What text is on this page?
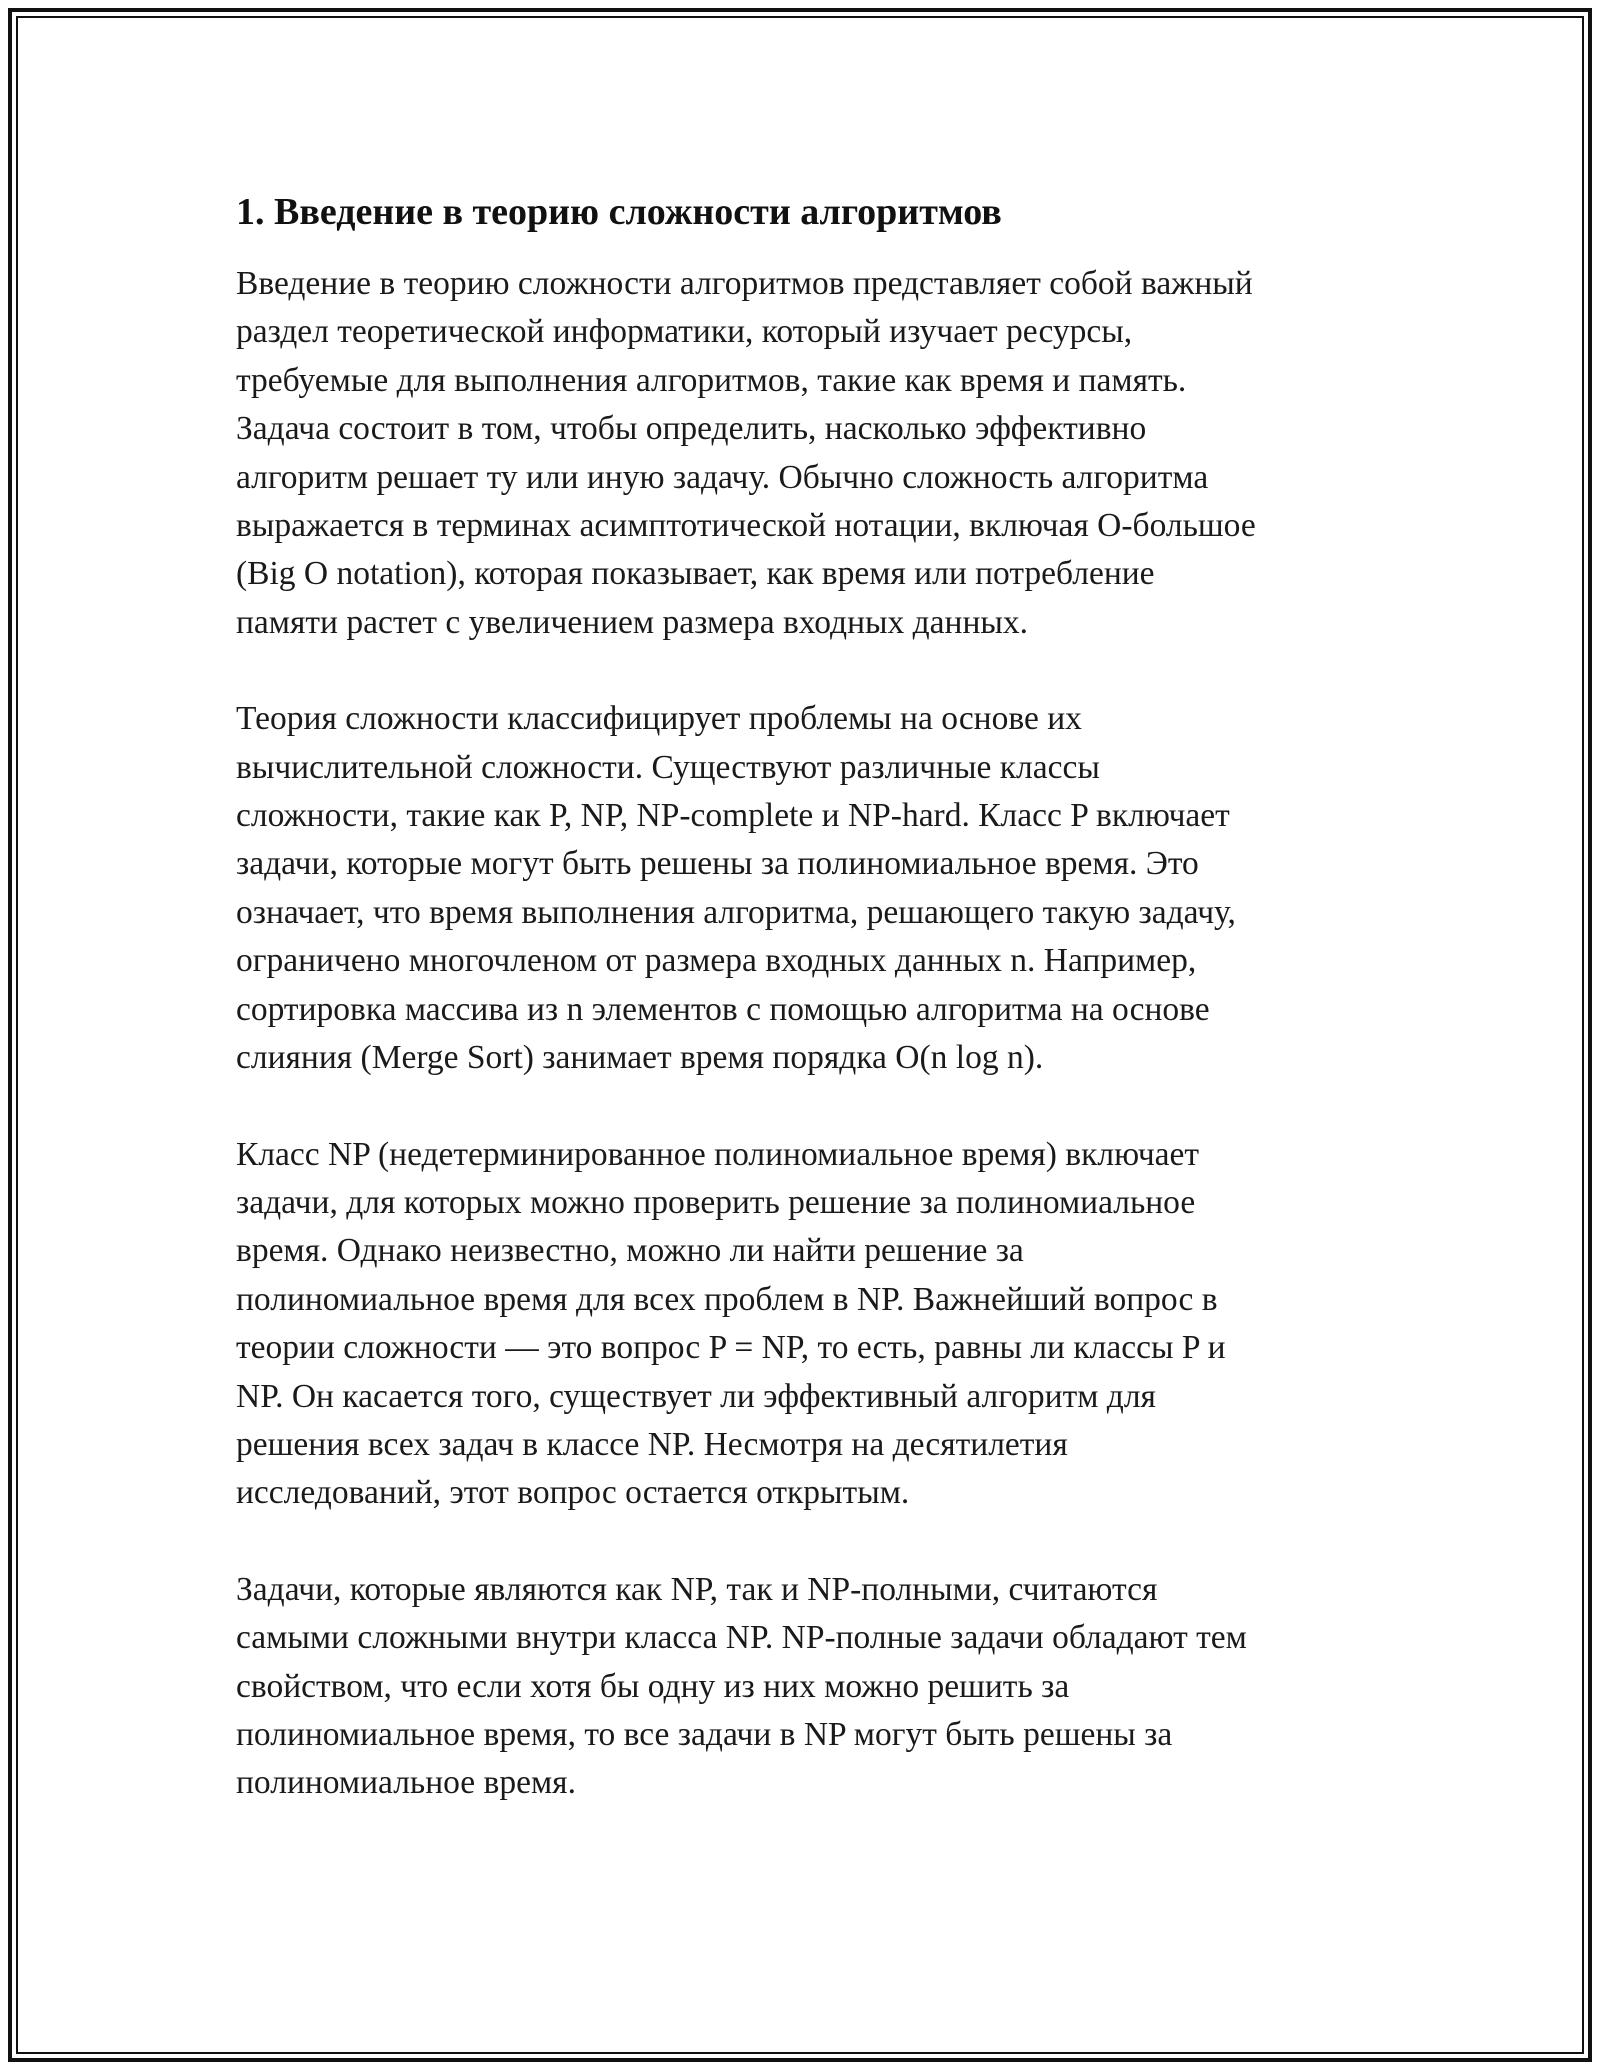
1. Введение в теорию сложности алгоритмов

Введение в теорию сложности алгоритмов представляет собой важный
раздел теоретической информатики, который изучает ресурсы,
требуемые для выполнения алгоритмов, такие как время и память.
Задача состоит в том, чтобы определить, насколько эффективно
алгоритм решает ту или иную задачу. Обычно сложность алгоритма
выражается в терминах асимптотической нотации, включая O-большое
(Big O notation), которая показывает, как время или потребление
памяти растет с увеличением размера входных данных.

Теория сложности классифицирует проблемы на основе их
вычислительной сложности. Существуют различные классы
сложности, такие как P, NP, NP-complete и NP-hard. Класс P включает
задачи, которые могут быть решены за полиномиальное время. Это
означает, что время выполнения алгоритма, решающего такую задачу,
ограничено многочленом от размера входных данных n. Например,
сортировка массива из n элементов с помощью алгоритма на основе
слияния (Merge Sort) занимает время порядка O(n log n).

Класс NP (недетерминированное полиномиальное время) включает
задачи, для которых можно проверить решение за полиномиальное
время. Однако неизвестно, можно ли найти решение за
полиномиальное время для всех проблем в NP. Важнейший вопрос в
теории сложности — это вопрос P = NP, то есть, равны ли классы P и
NP. Он касается того, существует ли эффективный алгоритм для
решения всех задач в классе NP. Несмотря на десятилетия
исследований, этот вопрос остается открытым.

Задачи, которые являются как NP, так и NP-полными, считаются
самыми сложными внутри класса NP. NP-полные задачи обладают тем
свойством, что если хотя бы одну из них можно решить за
полиномиальное время, то все задачи в NP могут быть решены за
полиномиальное время.
